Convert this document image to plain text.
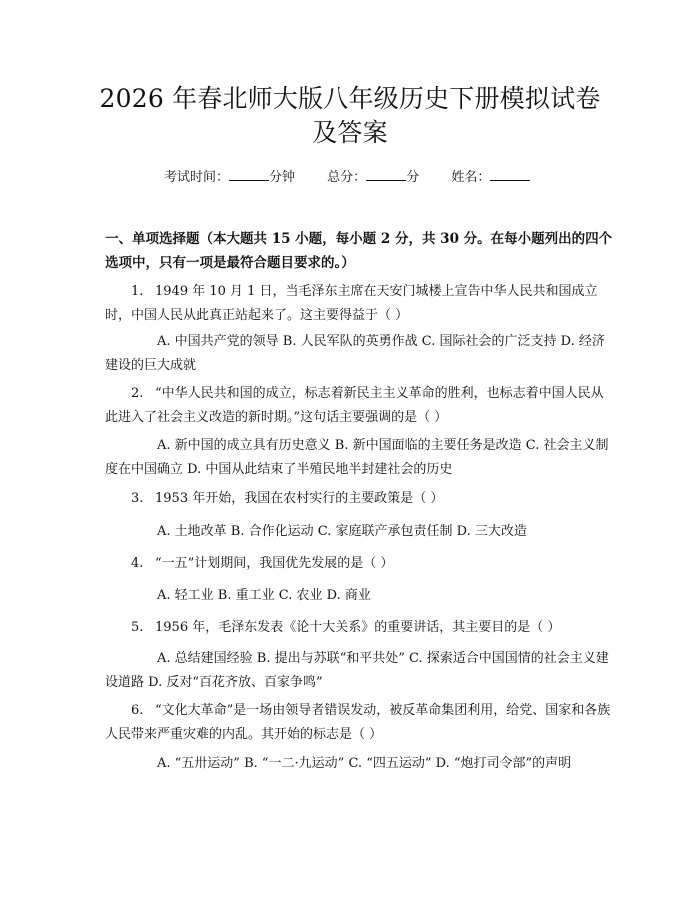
2026 年春北师大版八年级历史下册模拟试卷
及答案
考试时间：	分钟 总分：	分 姓名：
一、单项选择题（本大题共 15 小题，每小题 2 分，共 30 分。在每小题列出的四个选项中，只有一项是最符合题目要求的。）
1. 1949 年 10 月 1 日，当毛泽东主席在天安门城楼上宣告中华人民共和国成立时，中国人民从此真正站起来了。这主要得益于（ ）
A. 中国共产党的领导 B. 人民军队的英勇作战 C. 国际社会的广泛支持 D. 经济建设的巨大成就
2. “中华人民共和国的成立，标志着新民主主义革命的胜利，也标志着中国人民从此进入了社会主义改造的新时期。”这句话主要强调的是（ ）
A. 新中国的成立具有历史意义 B. 新中国面临的主要任务是改造 C. 社会主义制度在中国确立 D. 中国从此结束了半殖民地半封建社会的历史
3. 1953 年开始，我国在农村实行的主要政策是（ ）
A. 土地改革 B. 合作化运动 C. 家庭联产承包责任制 D. 三大改造
4. “一五”计划期间，我国优先发展的是（ ）
A. 轻工业 B. 重工业 C. 农业 D. 商业
5. 1956 年，毛泽东发表《论十大关系》的重要讲话，其主要目的是（ ）
A. 总结建国经验 B. 提出与苏联“和平共处” C. 探索适合中国国情的社会主义建设道路 D. 反对“百花齐放、百家争鸣”
6. “文化大革命”是一场由领导者错误发动，被反革命集团利用，给党、国家和各族人民带来严重灾难的内乱。其开始的标志是（ ）
A. “五卅运动” B. “一二·九运动” C. “四五运动” D. “炮打司令部”的声明
